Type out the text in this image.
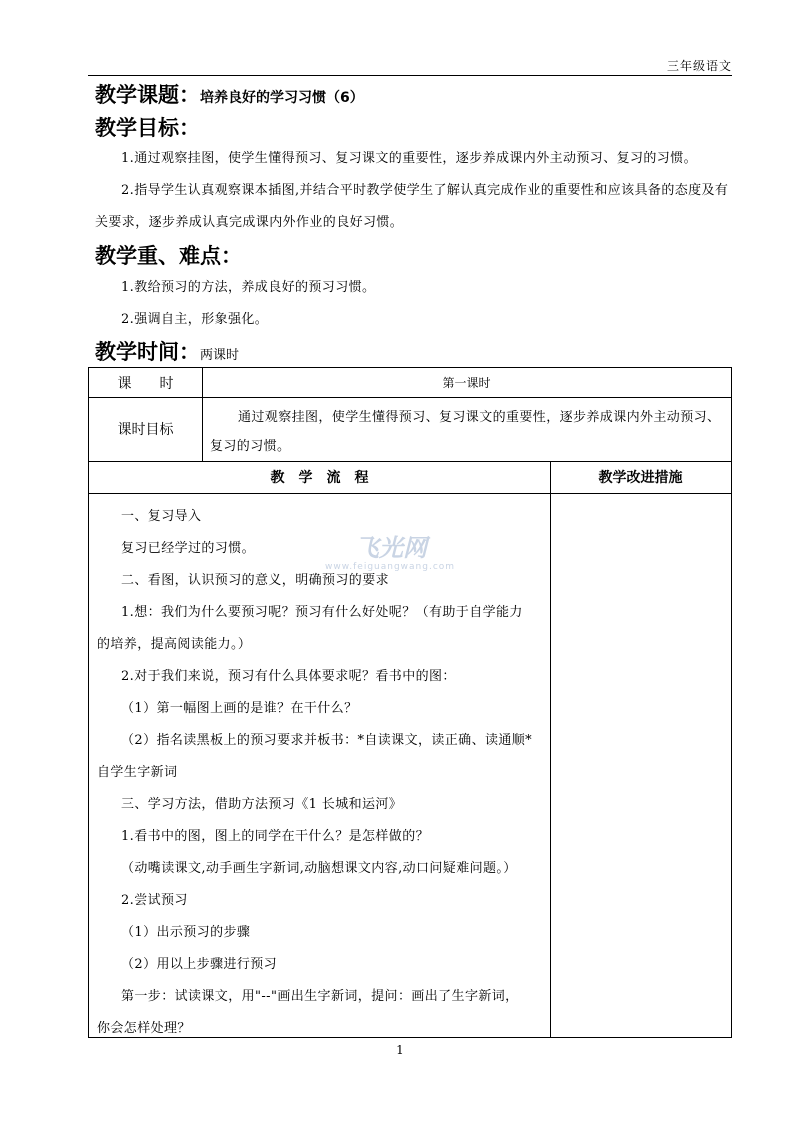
三年级语文
教学课题：培养良好的学习习惯（6）
教学目标：
1.通过观察挂图，使学生懂得预习、复习课文的重要性，逐步养成课内外主动预习、复习的习惯。
2.指导学生认真观察课本插图,并结合平时教学使学生了解认真完成作业的重要性和应该具备的态度及有关要求，逐步养成认真完成课内外作业的良好习惯。
教学重、难点：
1.教给预习的方法，养成良好的预习习惯。
2.强调自主，形象强化。
教学时间：两课时
课　　时	第一课时
课时目标
通过观察挂图，使学生懂得预习、复习课文的重要性，逐步养成课内外主动预习、复习的习惯。
教　学　流　程	教学改进措施
一、复习导入
复习已经学过的习惯。
二、看图，认识预习的意义，明确预习的要求
1.想：我们为什么要预习呢？预习有什么好处呢？（有助于自学能力
的培养，提高阅读能力。）
2.对于我们来说，预习有什么具体要求呢？看书中的图：
（1）第一幅图上画的是谁？在干什么？
（2）指名读黑板上的预习要求并板书：*自读课文，读正确、读通顺*
自学生字新词
三、学习方法，借助方法预习《1 长城和运河》
1.看书中的图，图上的同学在干什么？是怎样做的？
（动嘴读课文,动手画生字新词,动脑想课文内容,动口问疑难问题。）
2.尝试预习
（1）出示预习的步骤
（2）用以上步骤进行预习
第一步：试读课文，用"--"画出生字新词，提问：画出了生字新词，
你会怎样处理？
飞光网
www.feiguangwang.com
1
